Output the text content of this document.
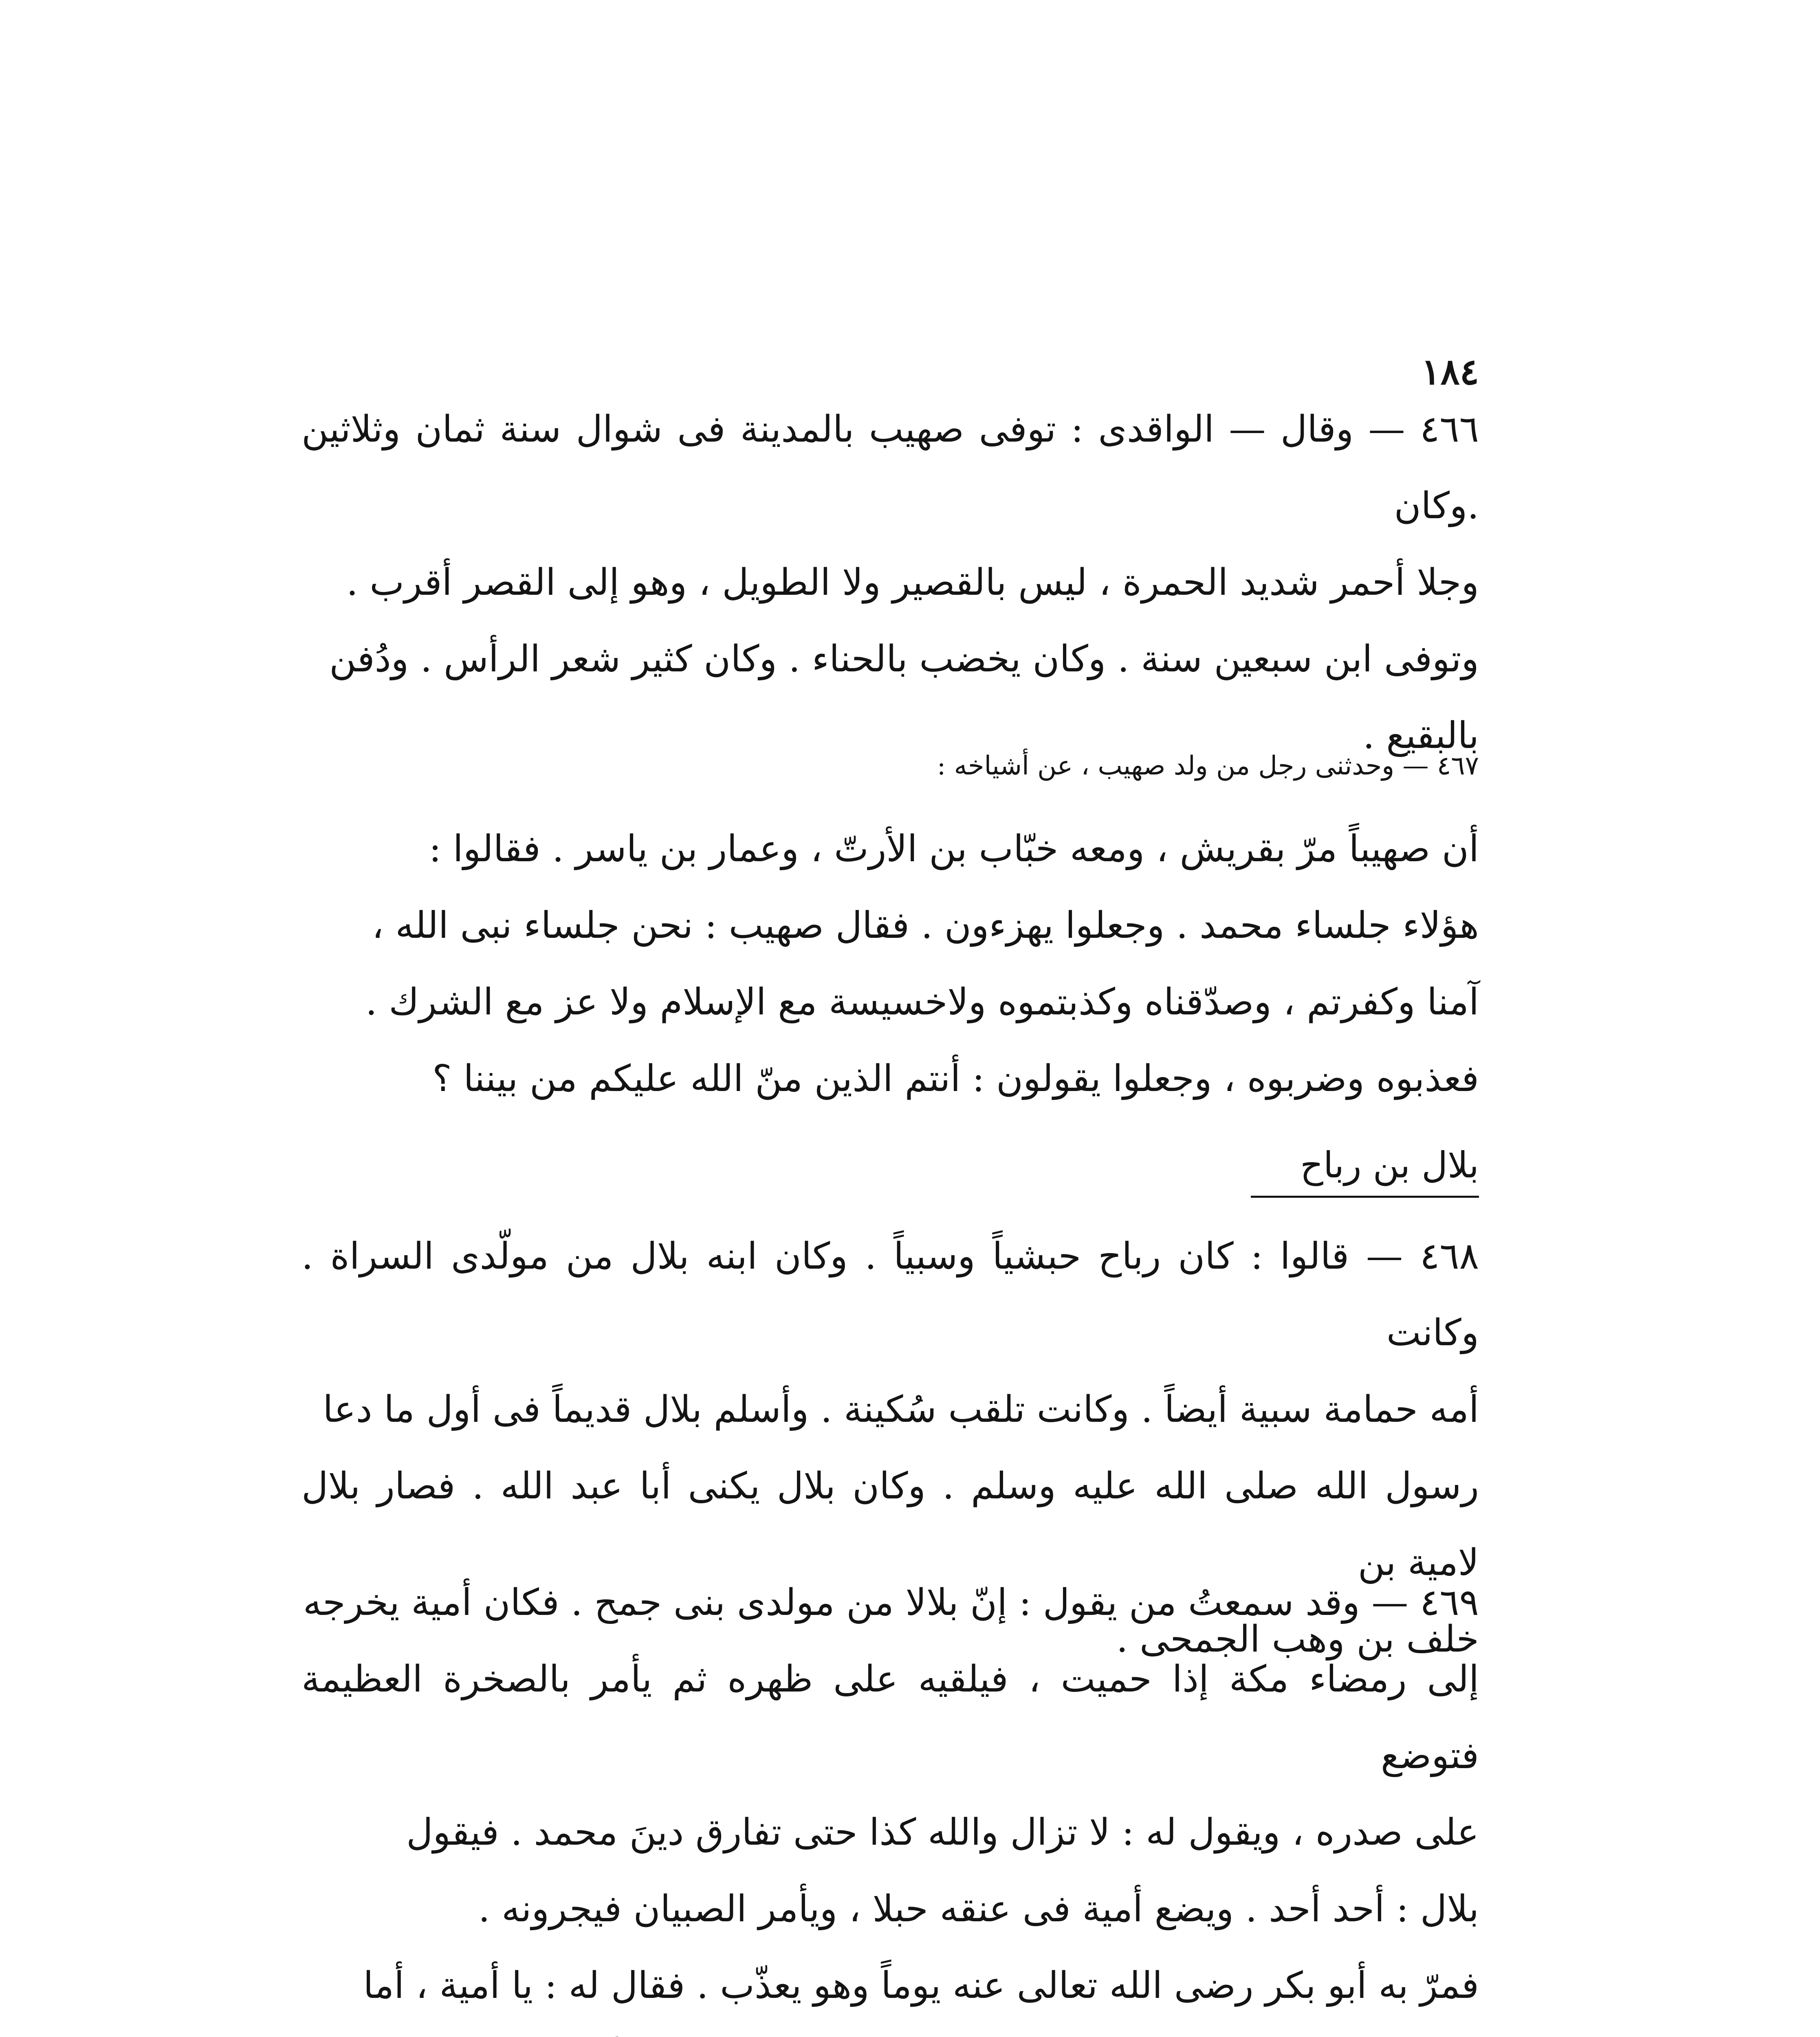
١٨٤
٤٦٦ — وقال — الواقدى : توفى صهيب بالمدينة فى شوال سنة ثمان وثلاثين .وكان
وجلا أحمر شديد الحمرة ، ليس بالقصير ولا الطويل ، وهو إلى القصر أقرب .
وتوفى ابن سبعين سنة . وكان يخضب بالحناء . وكان كثير شعر الرأس . ودُفن
بالبقيع .
٤٦٧ — وحدثنى رجل من ولد صهيب ، عن أشياخه :
أن صهيباً مرّ بقريش ، ومعه خبّاب بن الأرتّ ، وعمار بن ياسر . فقالوا :
هؤلاء جلساء محمد . وجعلوا يهزءون . فقال صهيب : نحن جلساء نبى الله ،
آمنا وكفرتم ، وصدّقناه وكذبتموه ولاخسيسة مع الإسلام ولا عز مع الشرك .
فعذبوه وضربوه ، وجعلوا يقولون : أنتم الذين منّ الله عليكم من بيننا ؟
بلال بن رباح
٤٦٨ — قالوا : كان رباح حبشياً وسبياً . وكان ابنه بلال من مولّدى السراة . وكانت
أمه حمامة سبية أيضاً . وكانت تلقب سُكينة . وأسلم بلال قديماً فى أول ما دعا
رسول الله صلى الله عليه وسلم . وكان بلال يكنى أبا عبد الله . فصار بلال لامية بن
خلف بن وهب الجمحى .
٤٦٩ — وقد سمعتُ من يقول : إنّ بلالا من مولدى بنى جمح . فكان أمية يخرجه
إلى رمضاء مكة إذا حميت ، فيلقيه على ظهره ثم يأمر بالصخرة العظيمة فتوضع
على صدره ، ويقول له : لا تزال والله كذا حتى تفارق دينَ محمد . فيقول
بلال : أحد أحد . ويضع أمية فى عنقه حبلا ، ويأمر الصبيان فيجرونه .
فمرّ به أبو بكر رضى الله تعالى عنه يوماً وهو يعذّب . فقال له : يا أمية ، أما
